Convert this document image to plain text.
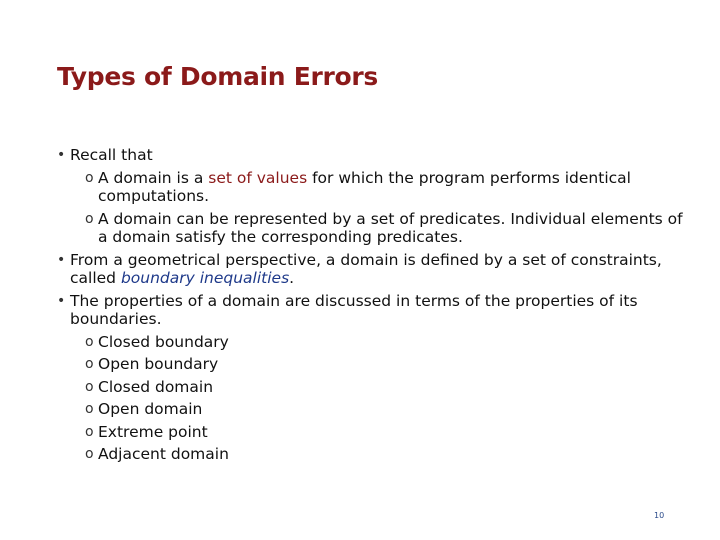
Types of Domain Errors
• Recall that
o A domain is a set of values for which the program performs identical computations.
o A domain can be represented by a set of predicates. Individual elements of a domain satisfy the corresponding predicates.
• From a geometrical perspective, a domain is defined by a set of constraints, called boundary inequalities.
• The properties of a domain are discussed in terms of the properties of its boundaries.
o Closed boundary
o Open boundary
o Closed domain
o Open domain
o Extreme point
o Adjacent domain
10
